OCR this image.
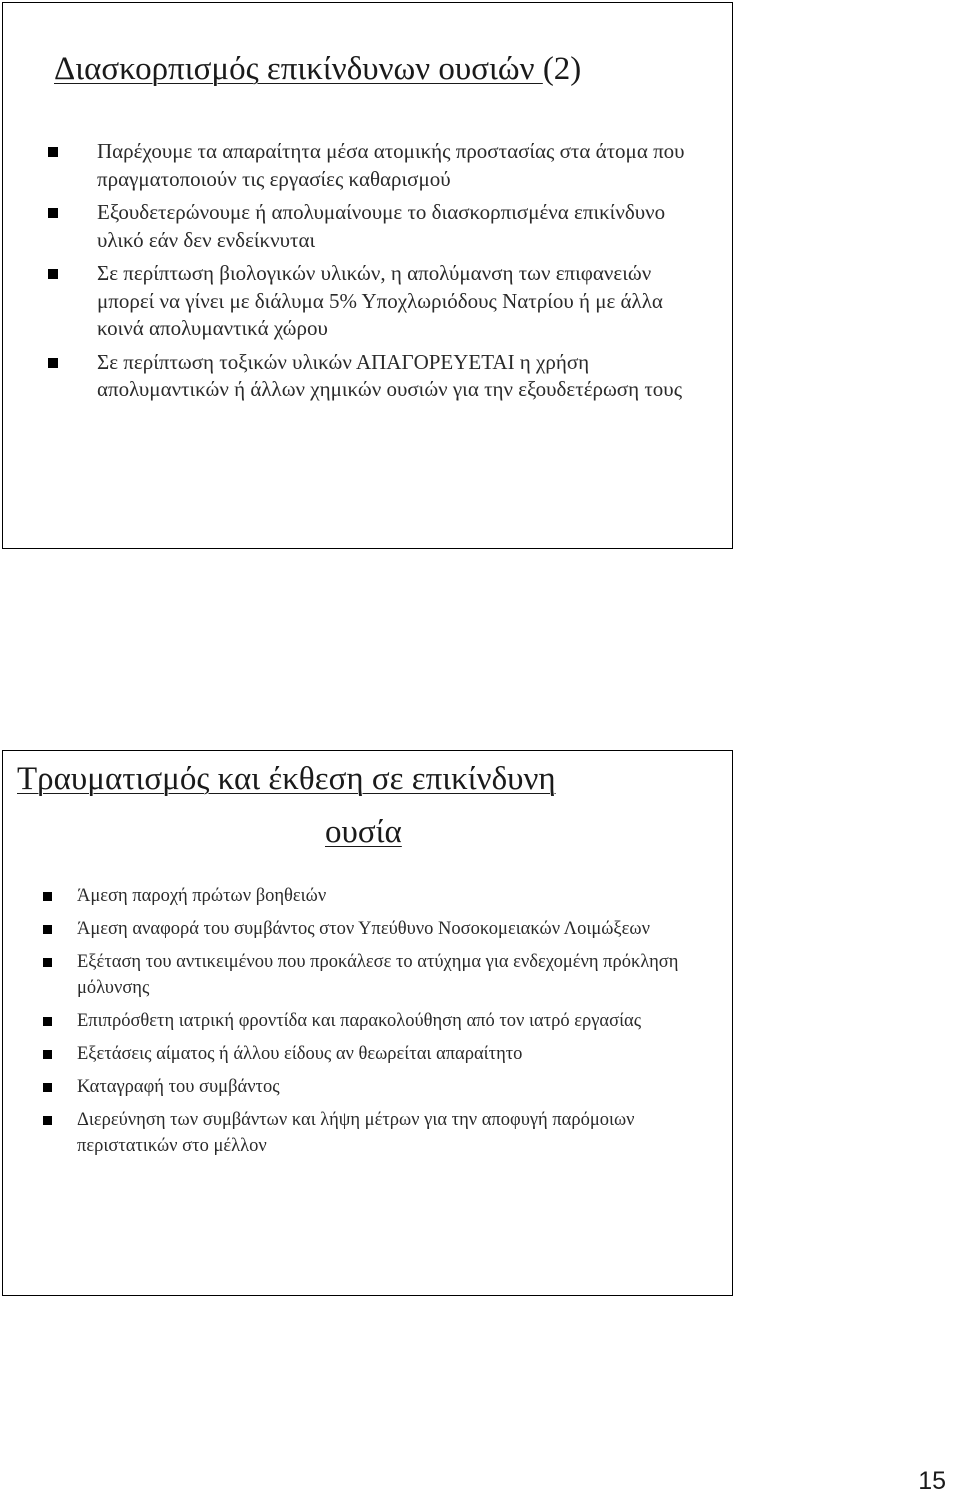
Διασκορπισμός επικίνδυνων ουσιών (2)
Παρέχουμε τα απαραίτητα μέσα ατομικής προστασίας στα άτομα που πραγματοποιούν τις εργασίες καθαρισμού
Εξουδετερώνουμε ή απολυμαίνουμε το διασκορπισμένα επικίνδυνο υλικό εάν δεν ενδείκνυται
Σε περίπτωση βιολογικών υλικών, η απολύμανση των επιφανειών μπορεί να γίνει με διάλυμα 5% Υποχλωριόδους Νατρίου ή με άλλα κοινά απολυμαντικά χώρου
Σε περίπτωση τοξικών υλικών ΑΠΑΓΟΡΕΥΕΤΑΙ η χρήση απολυμαντικών ή άλλων χημικών ουσιών για την εξουδετέρωση τους
Τραυματισμός και έκθεση σε επικίνδυνη
ουσία
Άμεση παροχή πρώτων βοηθειών
Άμεση αναφορά του συμβάντος στον Υπεύθυνο Νοσοκομειακών Λοιμώξεων
Εξέταση του αντικειμένου που προκάλεσε το ατύχημα για ενδεχομένη πρόκληση μόλυνσης
Επιπρόσθετη ιατρική φροντίδα και παρακολούθηση από τον ιατρό εργασίας
Εξετάσεις αίματος ή άλλου είδους αν θεωρείται απαραίτητο
Καταγραφή του συμβάντος
Διερεύνηση των συμβάντων και λήψη μέτρων για την αποφυγή παρόμοιων περιστατικών στο μέλλον
15
